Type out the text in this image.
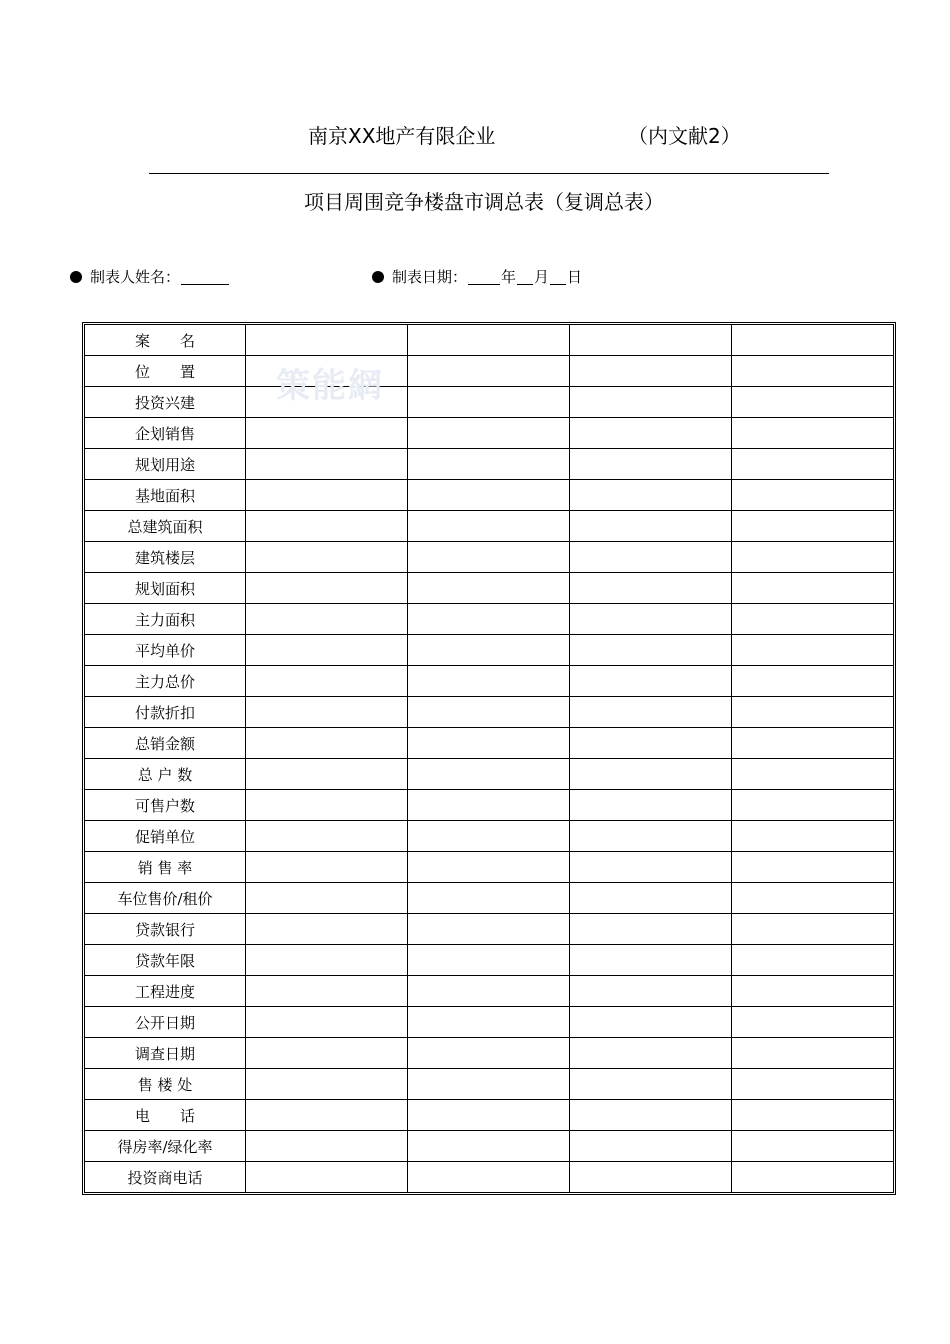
南京XX地产有限企业	（内文献2）
项目周围竞争楼盘市调总表（复调总表）
制表人姓名：	制表日期： 年 月 日
案　　名				
位　　置				
投资兴建				
企划销售				
规划用途				
基地面积				
总建筑面积				
建筑楼层				
规划面积				
主力面积				
平均单价				
主力总价				
付款折扣				
总销金额				
总 户 数				
可售户数				
促销单位				
销 售 率				
车位售价/租价				
贷款银行				
贷款年限				
工程进度				
公开日期				
调查日期				
售 楼 处				
电　　话				
得房率/绿化率				
投资商电话				
策能網
